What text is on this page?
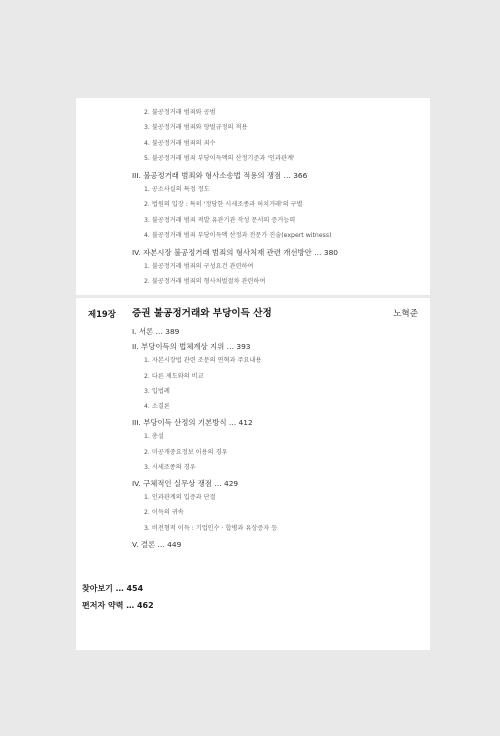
2. 불공정거래 범죄와 공범
3. 불공정거래 범죄와 양벌규정의 적용
4. 불공정거래 범죄의 죄수
5. 불공정거래 범죄 부당이득액의 산정기준과 '인과관계'
III. 불공정거래 범죄와 형사소송법 적용의 쟁점 … 366
1. 공소사실의 특정 정도
2. 법원의 입장 : 특히 '정당한 시세조종과 허치거래'의 구별
3. 불공정거래 범죄 적발 유관기관 작성 문서의 증거능력
4. 불공정거래 범죄 부당이득액 산정과 전문가 진술(expert witness)
IV. 자본시장 불공정거래 범죄의 형사처재 관련 개선방안 … 380
1. 불공정거래 범죄의 구성요건 관련하여
2. 불공정거래 범죄의 형사처벌절차 관련하여
제19장 증권 불공정거래와 부당이득 산정	노혁준
I. 서론 … 389
II. 부당이득의 법체계상 지위 … 393
1. 자본시장법 관련 조문의 연혁과 주요내용
2. 다른 제도와의 비교
3. 입법례
4. 소결론
III. 부당이득 산정의 기본방식 … 412
1. 총설
2. 미공개중요정보 이용의 경우
3. 시세조종의 경우
IV. 구체적인 실무상 쟁점 … 429
1. 인과관계의 입증과 단절
2. 이득의 귀속
3. 비전형적 이득 : 기업인수 · 합병과 유상증자 등
V. 결론 … 449
찾아보기 … 454
편저자 약력 … 462
